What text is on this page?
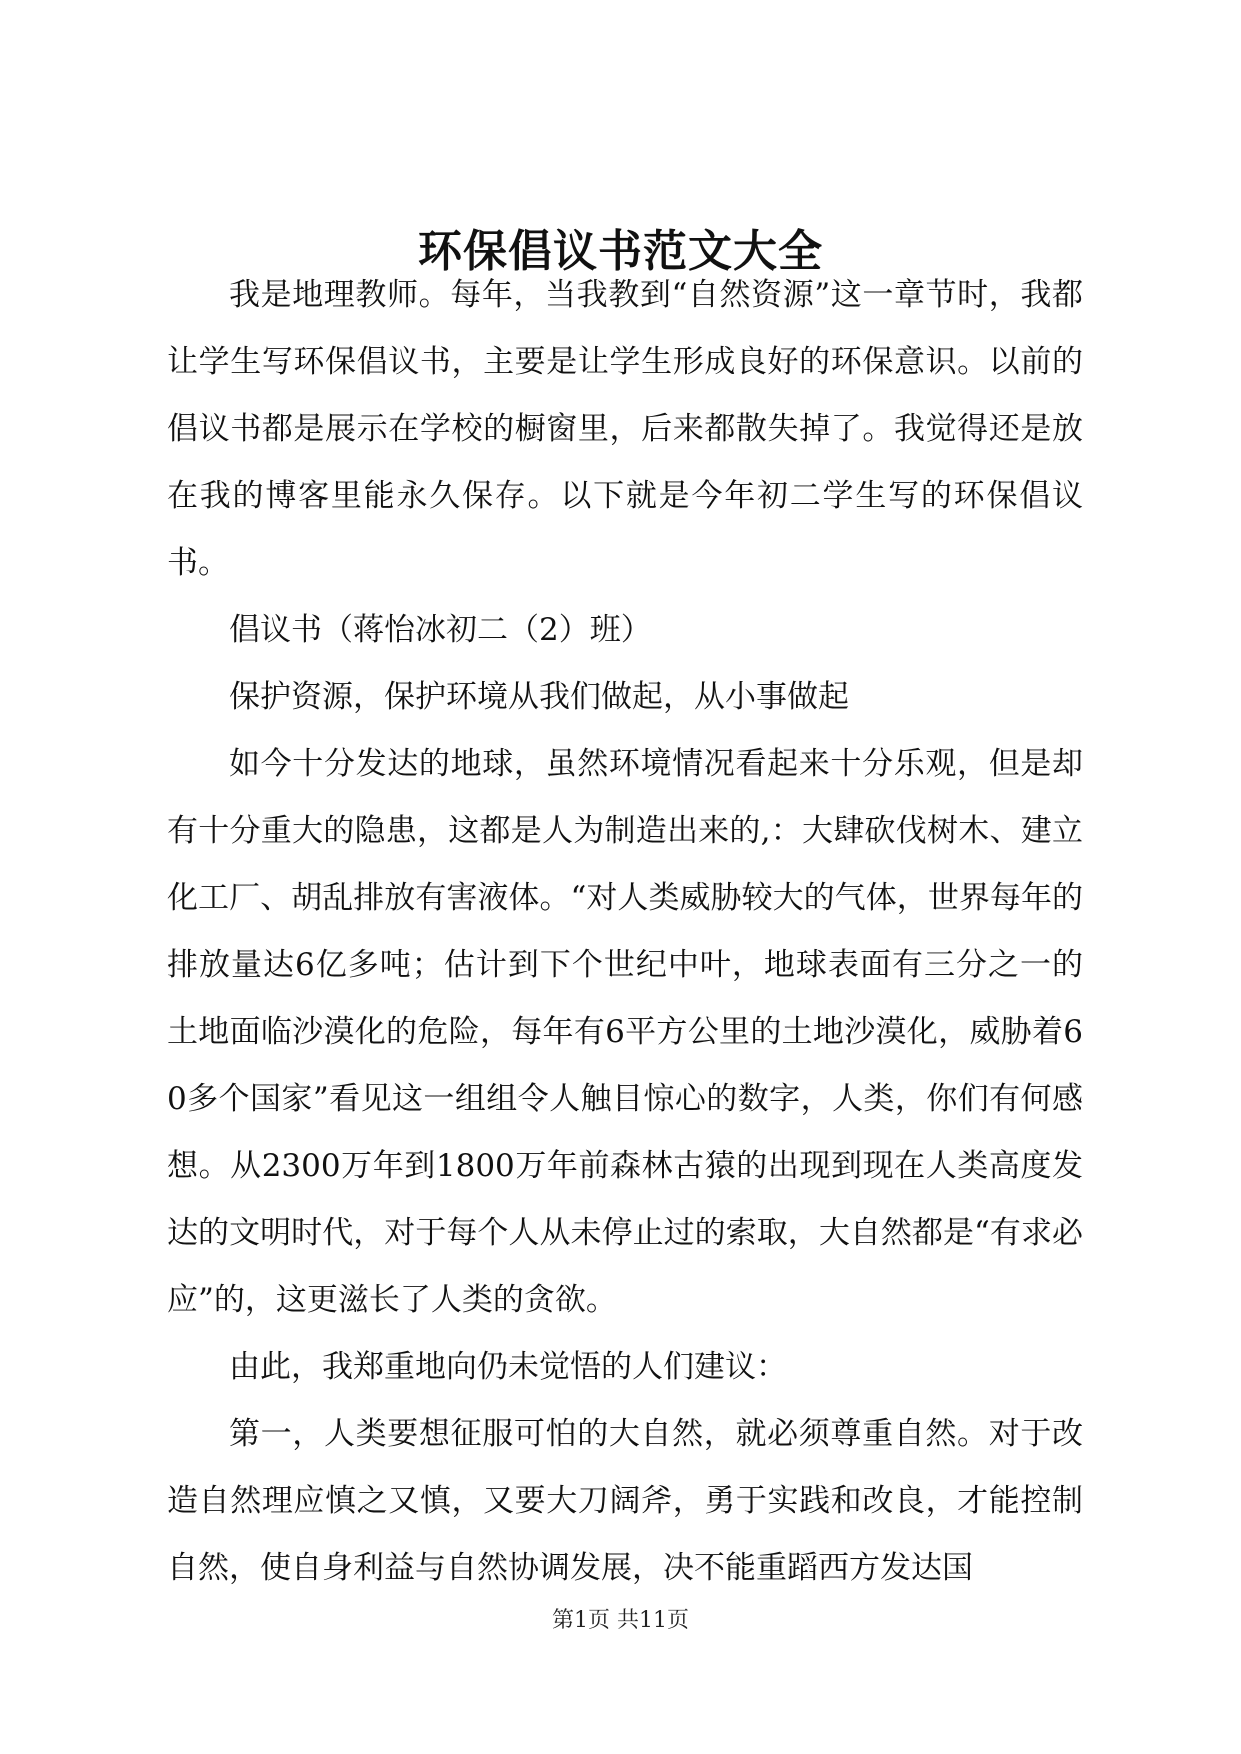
环保倡议书范文大全

我是地理教师。每年，当我教到“自然资源”这一章节时，我都让学生写环保倡议书，主要是让学生形成良好的环保意识。以前的倡议书都是展示在学校的橱窗里，后来都散失掉了。我觉得还是放在我的博客里能永久保存。以下就是今年初二学生写的环保倡议书。

倡议书（蒋怡冰初二（2）班）

保护资源，保护环境从我们做起，从小事做起

如今十分发达的地球，虽然环境情况看起来十分乐观，但是却有十分重大的隐患，这都是人为制造出来的,：大肆砍伐树木、建立化工厂、胡乱排放有害液体。“对人类威胁较大的气体，世界每年的排放量达6亿多吨；估计到下个世纪中叶，地球表面有三分之一的土地面临沙漠化的危险，每年有6平方公里的土地沙漠化，威胁着60多个国家”看见这一组组令人触目惊心的数字，人类，你们有何感想。从2300万年到1800万年前森林古猿的出现到现在人类高度发达的文明时代，对于每个人从未停止过的索取，大自然都是“有求必应”的，这更滋长了人类的贪欲。

由此，我郑重地向仍未觉悟的人们建议：

第一，人类要想征服可怕的大自然，就必须尊重自然。对于改造自然理应慎之又慎，又要大刀阔斧，勇于实践和改良，才能控制自然，使自身利益与自然协调发展，决不能重蹈西方发达国

第1页 共11页
